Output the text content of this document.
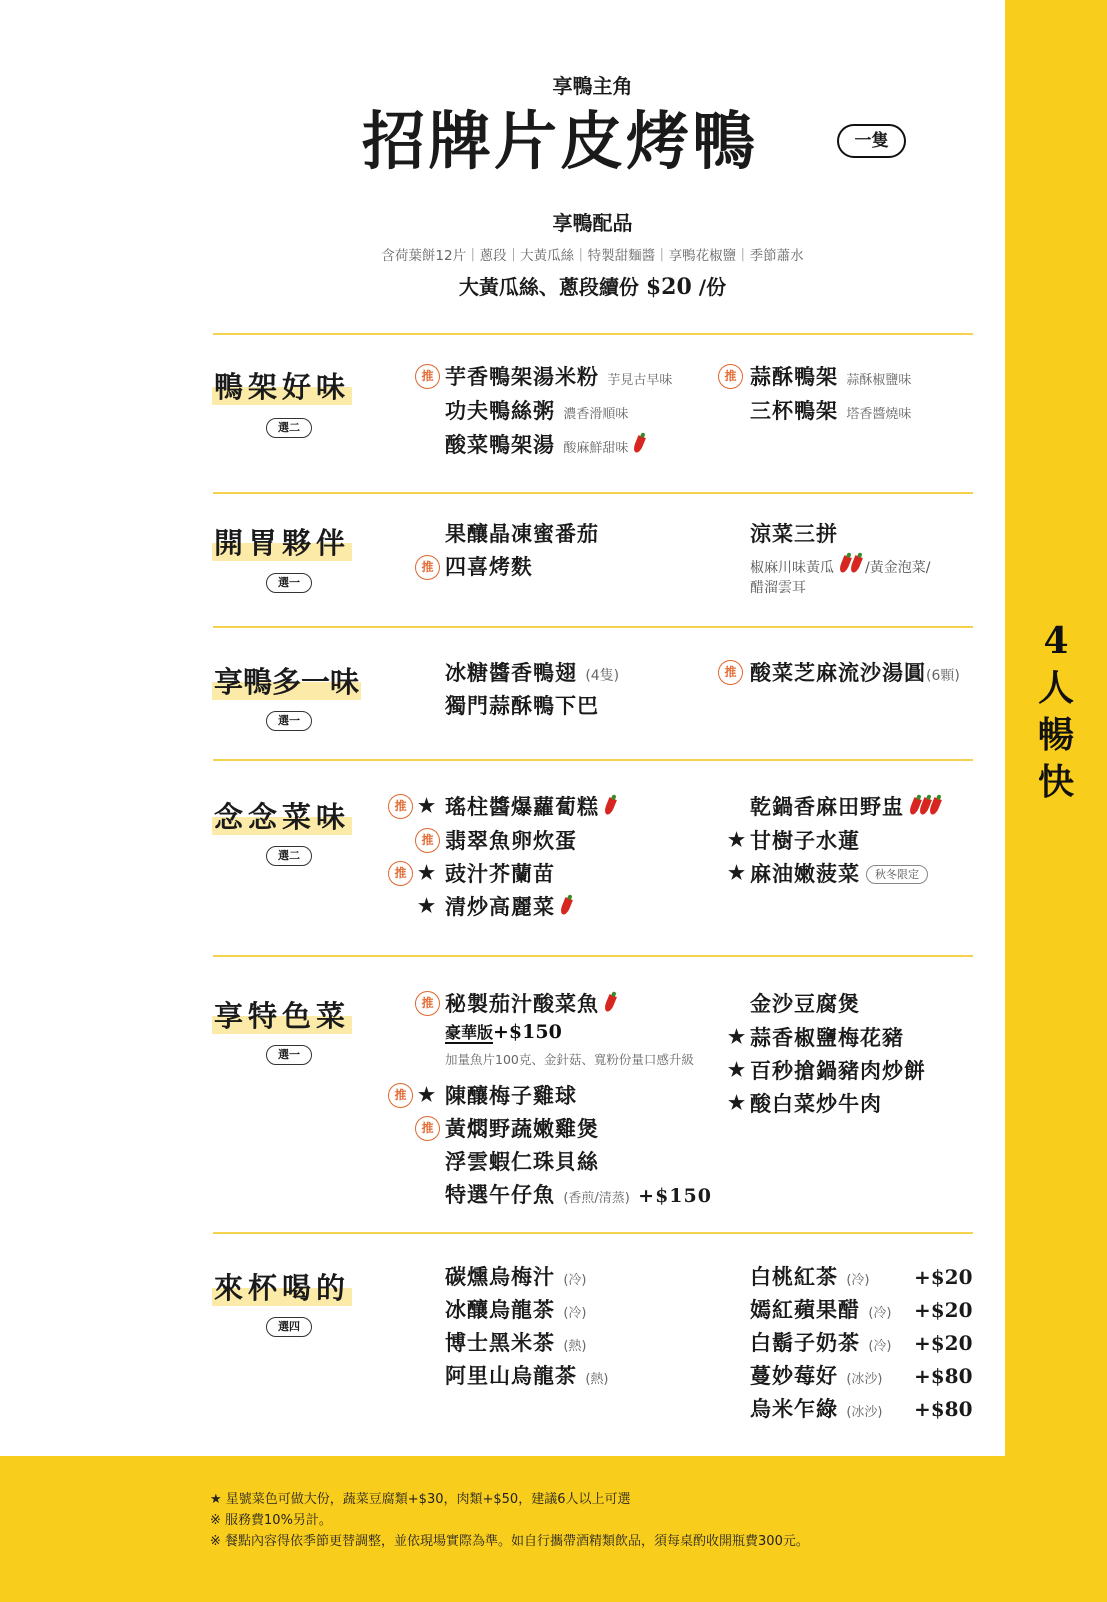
4人暢快
享鴨主角
招牌片皮烤鴨	一隻
享鴨配品
含荷葉餅12片｜蔥段｜大黃瓜絲｜特製甜麵醬｜享鴨花椒鹽｜季節蕭水
大黃瓜絲、蔥段續份 $20 /份
鴨架好味
選二
推 芋香鴨架湯米粉 芋見古早味
功夫鴨絲粥 濃香滑順味
酸菜鴨架湯 酸麻鮮甜味
推 蒜酥鴨架 蒜酥椒鹽味
三杯鴨架 塔香醬燒味
開胃夥伴
選一
果釀晶凍蜜番茄
推 四喜烤麩
涼菜三拼
椒麻川味黃瓜 /黃金泡菜/
醋溜雲耳
享鴨多一味
選一
冰糖醬香鴨翅 (4隻)
獨門蒜酥鴨下巴
推 酸菜芝麻流沙湯圓(6顆)
念念菜味
選二
推 ★ 瑤柱醬爆蘿蔔糕
推 翡翠魚卵炊蛋
推 ★ 豉汁芥蘭苗
★ 清炒高麗菜
乾鍋香麻田野盅
★ 甘樹子水蓮
★ 麻油嫩菠菜 秋冬限定
享特色菜
選一
推 秘製茄汁酸菜魚
豪華版+$150
加量魚片100克、金針菇、寬粉份量口感升級
推 ★ 陳釀梅子雞球
推 黃燜野蔬嫩雞煲
浮雲蝦仁珠貝絲
特選午仔魚 (香煎/清蒸) +$150
金沙豆腐煲
★ 蒜香椒鹽梅花豬
★ 百秒搶鍋豬肉炒餅
★ 酸白菜炒牛肉
來杯喝的
選四
碳燻烏梅汁 (冷)
冰釀烏龍茶 (冷)
博士黑米茶 (熱)
阿里山烏龍茶 (熱)
白桃紅茶 (冷) +$20
嫣紅蘋果醋 (冷) +$20
白鬍子奶茶 (冷) +$20
蔓妙莓好 (冰沙) +$80
烏米乍綠 (冰沙) +$80
★ 星號菜色可做大份，蔬菜豆腐類+$30，肉類+$50，建議6人以上可選
※ 服務費10%另計。
※ 餐點內容得依季節更替調整，並依現場實際為準。如自行攜帶酒精類飲品，須每桌酌收開瓶費300元。
